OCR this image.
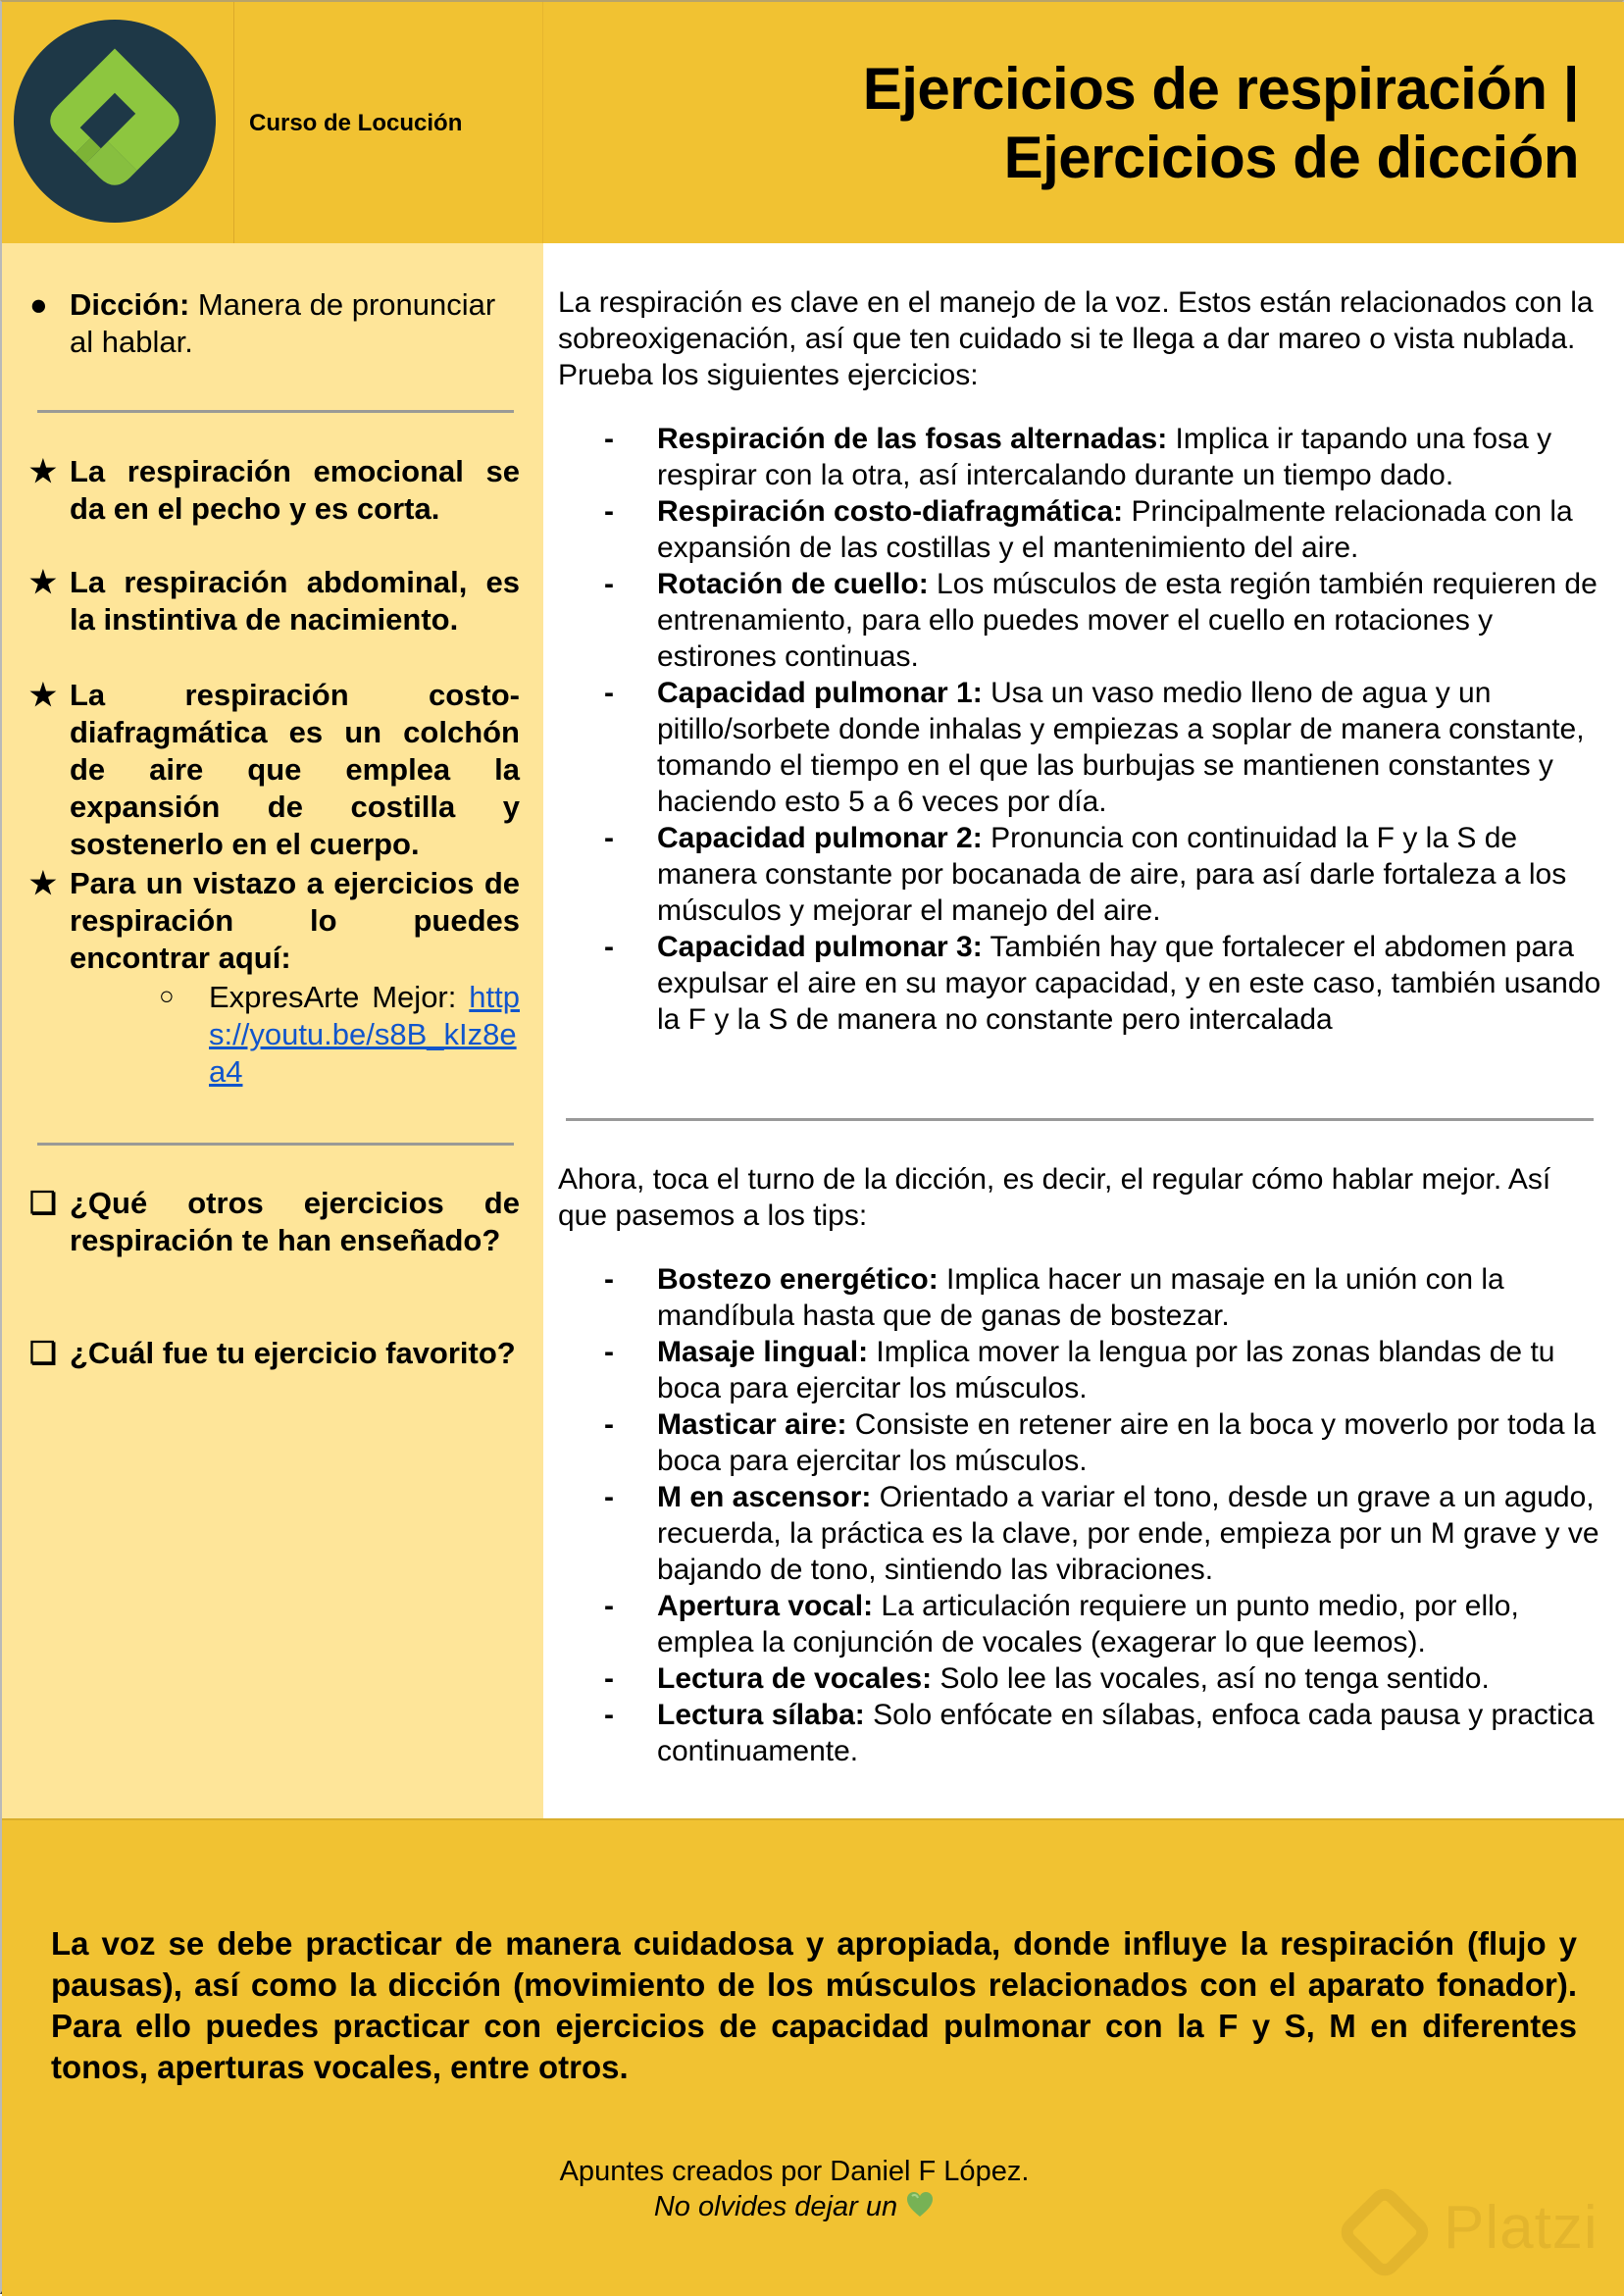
Curso de Locución
Ejercicios de respiración |
Ejercicios de dicción
● Dicción: Manera de pronunciar al hablar.
★ La respiración emocional se da en el pecho y es corta.
★ La respiración abdominal, es la instintiva de nacimiento.
★ La respiración costo-diafragmática es un colchón de aire que emplea la expansión de costilla y sostenerlo en el cuerpo.
★ Para un vistazo a ejercicios de respiración lo puedes encontrar aquí:
○ ExpresArte Mejor: https://youtu.be/s8B_kIz8ea4
❏ ¿Qué otros ejercicios de respiración te han enseñado?
❏ ¿Cuál fue tu ejercicio favorito?

La respiración es clave en el manejo de la voz. Estos están relacionados con la sobreoxigenación, así que ten cuidado si te llega a dar mareo o vista nublada. Prueba los siguientes ejercicios:

- Respiración de las fosas alternadas: Implica ir tapando una fosa y respirar con la otra, así intercalando durante un tiempo dado.
- Respiración costo-diafragmática: Principalmente relacionada con la expansión de las costillas y el mantenimiento del aire.
- Rotación de cuello: Los músculos de esta región también requieren de entrenamiento, para ello puedes mover el cuello en rotaciones y estirones continuas.
- Capacidad pulmonar 1: Usa un vaso medio lleno de agua y un pitillo/sorbete donde inhalas y empiezas a soplar de manera constante, tomando el tiempo en el que las burbujas se mantienen constantes y haciendo esto 5 a 6 veces por día.
- Capacidad pulmonar 2: Pronuncia con continuidad la F y la S de manera constante por bocanada de aire, para así darle fortaleza a los músculos y mejorar el manejo del aire.
- Capacidad pulmonar 3: También hay que fortalecer el abdomen para expulsar el aire en su mayor capacidad, y en este caso, también usando la F y la S de manera no constante pero intercalada

Ahora, toca el turno de la dicción, es decir, el regular cómo hablar mejor. Así que pasemos a los tips:

- Bostezo energético: Implica hacer un masaje en la unión con la mandíbula hasta que de ganas de bostezar.
- Masaje lingual: Implica mover la lengua por las zonas blandas de tu boca para ejercitar los músculos.
- Masticar aire: Consiste en retener aire en la boca y moverlo por toda la boca para ejercitar los músculos.
- M en ascensor: Orientado a variar el tono, desde un grave a un agudo, recuerda, la práctica es la clave, por ende, empieza por un M grave y ve bajando de tono, sintiendo las vibraciones.
- Apertura vocal: La articulación requiere un punto medio, por ello, emplea la conjunción de vocales (exagerar lo que leemos).
- Lectura de vocales: Solo lee las vocales, así no tenga sentido.
- Lectura sílaba: Solo enfócate en sílabas, enfoca cada pausa y practica continuamente.

La voz se debe practicar de manera cuidadosa y apropiada, donde influye la respiración (flujo y pausas), así como la dicción (movimiento de los músculos relacionados con el aparato fonador). Para ello puedes practicar con ejercicios de capacidad pulmonar con la F y S, M en diferentes tonos, aperturas vocales, entre otros.

Apuntes creados por Daniel F López.
No olvides dejar un	Platzi
